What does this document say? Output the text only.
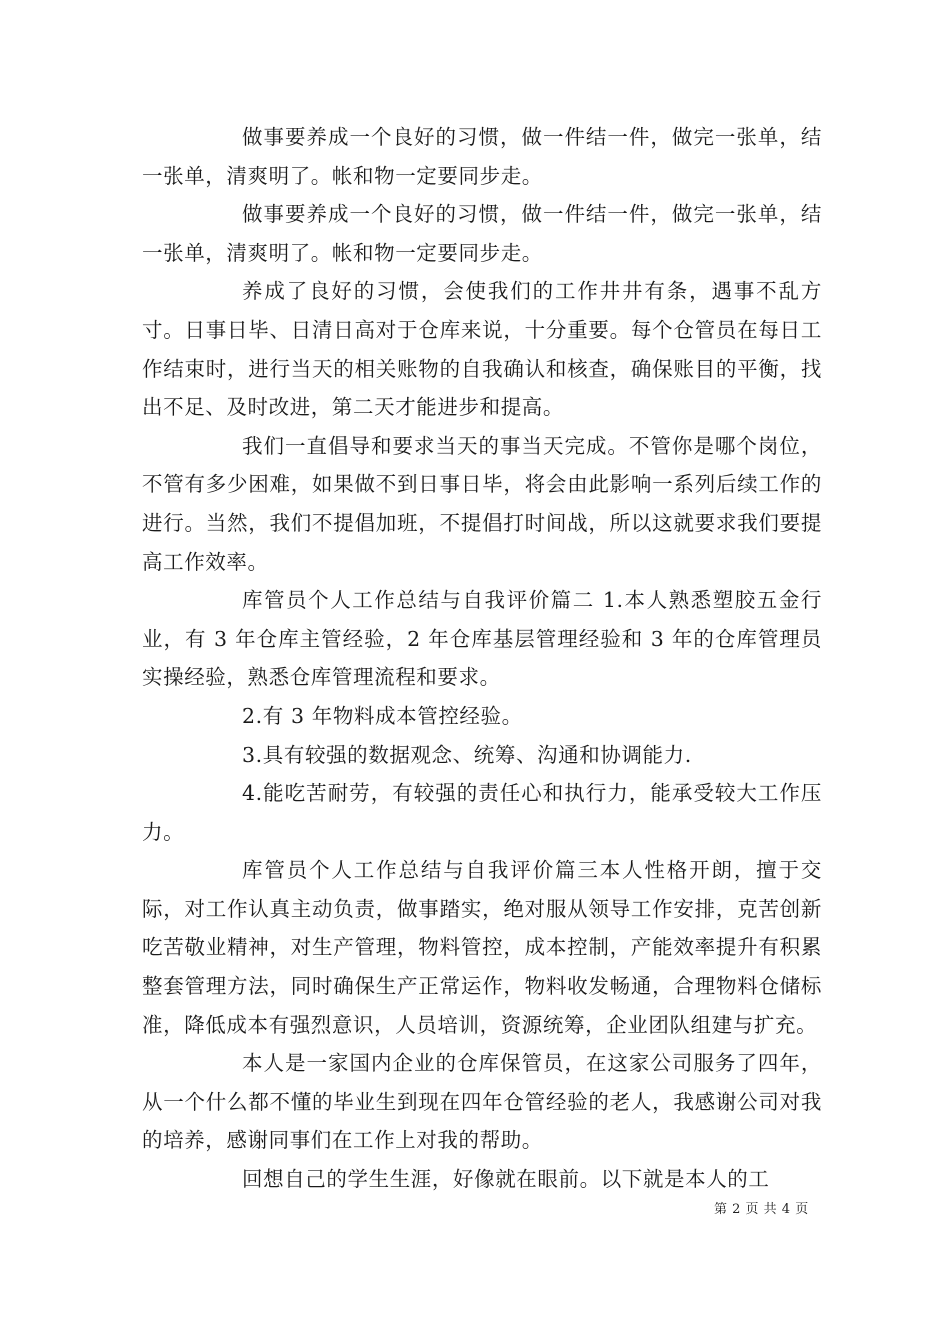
做事要养成一个良好的习惯，做一件结一件，做完一张单，结一张单，清爽明了。帐和物一定要同步走。

做事要养成一个良好的习惯，做一件结一件，做完一张单，结一张单，清爽明了。帐和物一定要同步走。

养成了良好的习惯，会使我们的工作井井有条，遇事不乱方寸。日事日毕、日清日高对于仓库来说，十分重要。每个仓管员在每日工作结束时，进行当天的相关账物的自我确认和核查，确保账目的平衡，找出不足、及时改进，第二天才能进步和提高。

我们一直倡导和要求当天的事当天完成。不管你是哪个岗位，不管有多少困难，如果做不到日事日毕，将会由此影响一系列后续工作的进行。当然，我们不提倡加班，不提倡打时间战，所以这就要求我们要提高工作效率。

库管员个人工作总结与自我评价篇二 1.本人熟悉塑胶五金行业，有 3 年仓库主管经验，2 年仓库基层管理经验和 3 年的仓库管理员实操经验，熟悉仓库管理流程和要求。

2.有 3 年物料成本管控经验。

3.具有较强的数据观念、统筹、沟通和协调能力.

4.能吃苦耐劳，有较强的责任心和执行力，能承受较大工作压力。

库管员个人工作总结与自我评价篇三本人性格开朗，擅于交际，对工作认真主动负责，做事踏实，绝对服从领导工作安排，克苦创新吃苦敬业精神，对生产管理，物料管控，成本控制，产能效率提升有积累整套管理方法，同时确保生产正常运作，物料收发畅通，合理物料仓储标准，降低成本有强烈意识，人员培训，资源统筹，企业团队组建与扩充。

本人是一家国内企业的仓库保管员，在这家公司服务了四年，从一个什么都不懂的毕业生到现在四年仓管经验的老人，我感谢公司对我的培养，感谢同事们在工作上对我的帮助。

回想自己的学生生涯，好像就在眼前。以下就是本人的工

第 2 页 共 4 页
